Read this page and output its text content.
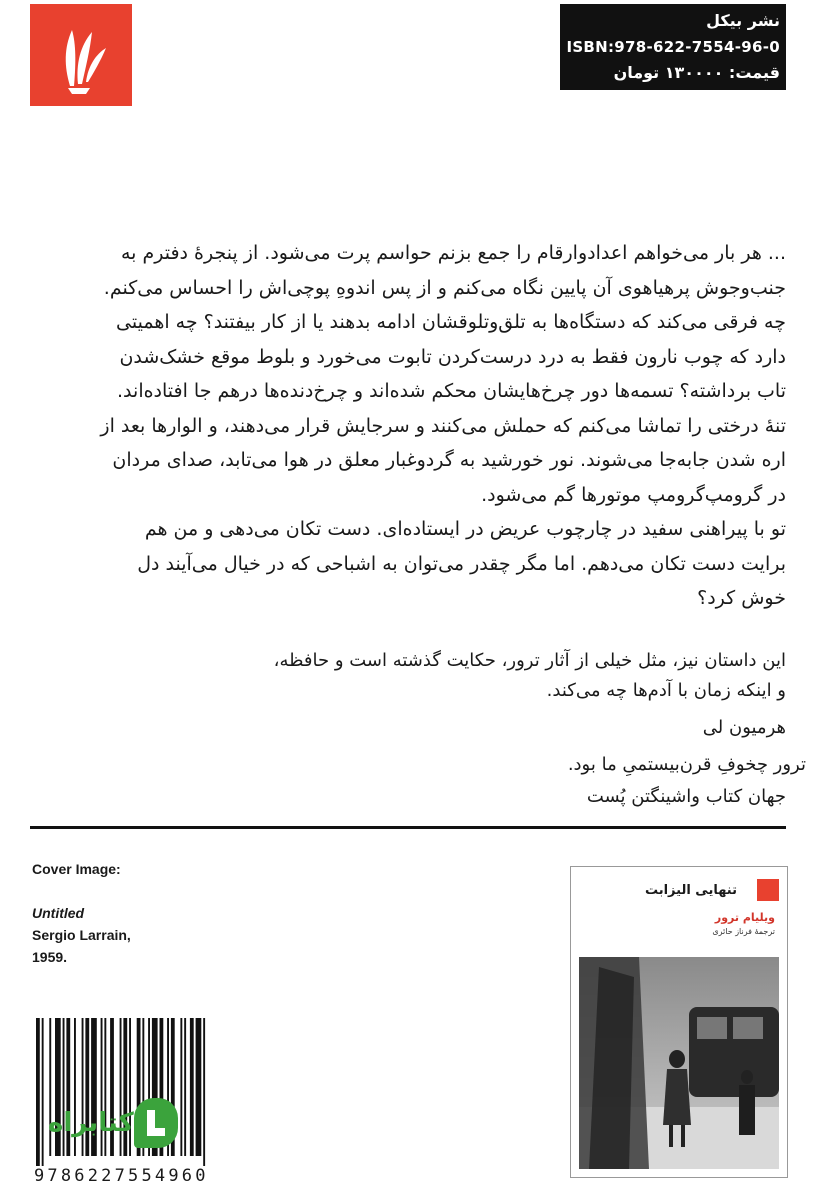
نشر بیکل
ISBN:978-622-7554-96-0
قیمت: ۱۳۰۰۰۰ تومان

... هر بار می‌خواهم اعدادوارقام را جمع بزنم حواسم پرت می‌شود. از پنجرهٔ دفترم به جنب‌وجوش پرهیاهوی آن پایین نگاه می‌کنم و از پس اندوهِ پوچی‌اش را احساس می‌کنم. چه فرقی می‌کند که دستگاه‌ها به تلق‌وتلوقشان ادامه بدهند یا از کار بیفتند؟ چه اهمیتی دارد که چوب نارون فقط به درد درست‌کردن تابوت می‌خورد و بلوط موقع خشک‌شدن تاب برداشته؟ تسمه‌ها دور چرخ‌هایشان محکم شده‌اند و چرخ‌دنده‌ها درهم جا افتاده‌اند. تنهٔ درختی را تماشا می‌کنم که حملش می‌کنند و سرجایش قرار می‌دهند، و الوارها بعد از اره شدن جابه‌جا می‌شوند. نور خورشید به گردوغبار معلق در هوا می‌تابد، صدای مردان در گرومپ‌گرومپ موتورها گم می‌شود.

تو با پیراهنی سفید در چارچوب عریض در ایستاده‌ای. دست تکان می‌دهی و من هم برایت دست تکان می‌دهم. اما مگر چقدر می‌توان به اشباحی که در خیال می‌آیند دل خوش کرد؟

این داستان نیز، مثل خیلی از آثار ترور، حکایت گذشته است و حافظه،

و اینکه زمان با آدم‌ها چه می‌کند.

هرمیون لی
ترور چخوفِ قرن‌بیستمیِ ما بود.
جهان کتاب واشینگتن پُست
Cover Image:
Untitled
Sergio Larrain,
1959.
9786227554960
کتابراه
تنهایی الیزابت
ویلیام ترور
ترجمهٔ فرناز حائری
